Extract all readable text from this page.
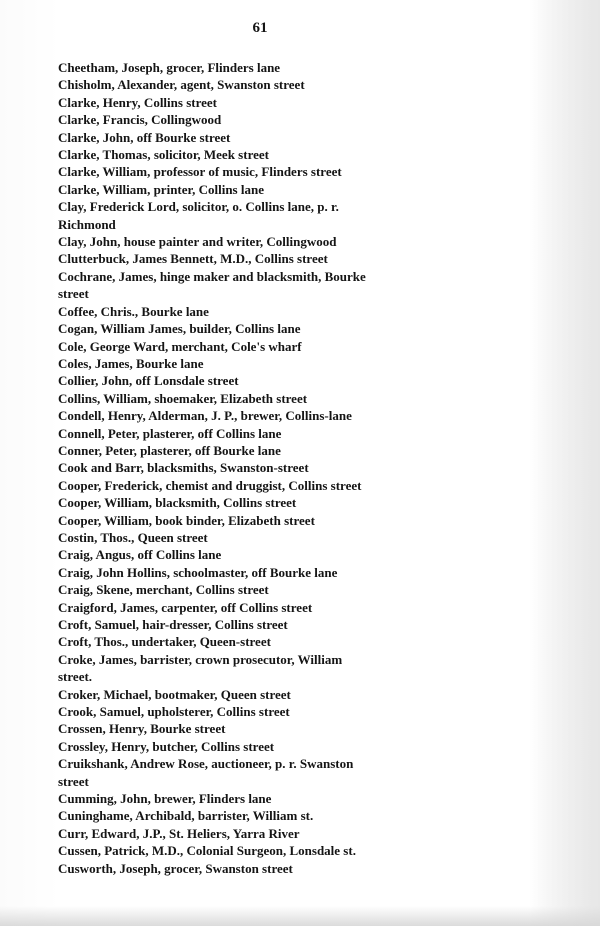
61
Cheetham, Joseph, grocer, Flinders lane
Chisholm, Alexander, agent, Swanston street
Clarke, Henry, Collins street
Clarke, Francis, Collingwood
Clarke, John, off Bourke street
Clarke, Thomas, solicitor, Meek street
Clarke, William, professor of music, Flinders street
Clarke, William, printer, Collins lane
Clay, Frederick Lord, solicitor, o. Collins lane, p. r.
Richmond
Clay, John, house painter and writer, Collingwood
Clutterbuck, James Bennett, M.D., Collins street
Cochrane, James, hinge maker and blacksmith, Bourke
street
Coffee, Chris., Bourke lane
Cogan, William James, builder, Collins lane
Cole, George Ward, merchant, Cole's wharf
Coles, James, Bourke lane
Collier, John, off Lonsdale street
Collins, William, shoemaker, Elizabeth street
Condell, Henry, Alderman, J. P., brewer, Collins-lane
Connell, Peter, plasterer, off Collins lane
Conner, Peter, plasterer, off Bourke lane
Cook and Barr, blacksmiths, Swanston-street
Cooper, Frederick, chemist and druggist, Collins street
Cooper, William, blacksmith, Collins street
Cooper, William, book binder, Elizabeth street
Costin, Thos., Queen street
Craig, Angus, off Collins lane
Craig, John Hollins, schoolmaster, off Bourke lane
Craig, Skene, merchant, Collins street
Craigford, James, carpenter, off Collins street
Croft, Samuel, hair-dresser, Collins street
Croft, Thos., undertaker, Queen-street
Croke, James, barrister, crown prosecutor, William
street.
Croker, Michael, bootmaker, Queen street
Crook, Samuel, upholsterer, Collins street
Crossen, Henry, Bourke street
Crossley, Henry, butcher, Collins street
Cruikshank, Andrew Rose, auctioneer, p. r. Swanston
street
Cumming, John, brewer, Flinders lane
Cuninghame, Archibald, barrister, William st.
Curr, Edward, J.P., St. Heliers, Yarra River
Cussen, Patrick, M.D., Colonial Surgeon, Lonsdale st.
Cusworth, Joseph, grocer, Swanston street
